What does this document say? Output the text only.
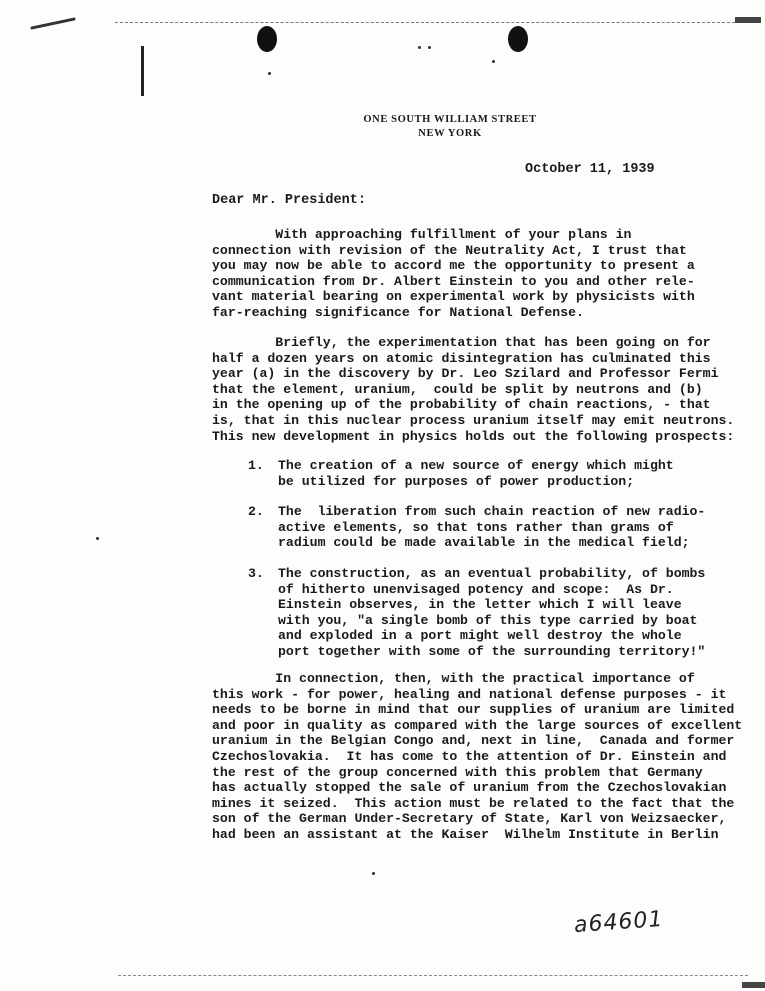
ONE SOUTH WILLIAM STREET
NEW YORK
October 11, 1939
Dear Mr. President:
With approaching fulfillment of your plans in
connection with revision of the Neutrality Act, I trust that
you may now be able to accord me the opportunity to present a
communication from Dr. Albert Einstein to you and other rele-
vant material bearing on experimental work by physicists with
far-reaching significance for National Defense.
Briefly, the experimentation that has been going on for
half a dozen years on atomic disintegration has culminated this
year (a) in the discovery by Dr. Leo Szilard and Professor Fermi
that the element, uranium,  could be split by neutrons and (b)
in the opening up of the probability of chain reactions, - that
is, that in this nuclear process uranium itself may emit neutrons.
This new development in physics holds out the following prospects:
1. The creation of a new source of energy which might
be utilized for purposes of power production;
2. The  liberation from such chain reaction of new radio-
active elements, so that tons rather than grams of
radium could be made available in the medical field;
3. The construction, as an eventual probability, of bombs
of hitherto unenvisaged potency and scope:  As Dr.
Einstein observes, in the letter which I will leave
with you, "a single bomb of this type carried by boat
and exploded in a port might well destroy the whole
port together with some of the surrounding territory!"
In connection, then, with the practical importance of
this work - for power, healing and national defense purposes - it
needs to be borne in mind that our supplies of uranium are limited
and poor in quality as compared with the large sources of excellent
uranium in the Belgian Congo and, next in line,  Canada and former
Czechoslovakia.  It has come to the attention of Dr. Einstein and
the rest of the group concerned with this problem that Germany
has actually stopped the sale of uranium from the Czechoslovakian
mines it seized.  This action must be related to the fact that the
son of the German Under-Secretary of State, Karl von Weizsaecker,
had been an assistant at the Kaiser  Wilhelm Institute in Berlin
a64601
